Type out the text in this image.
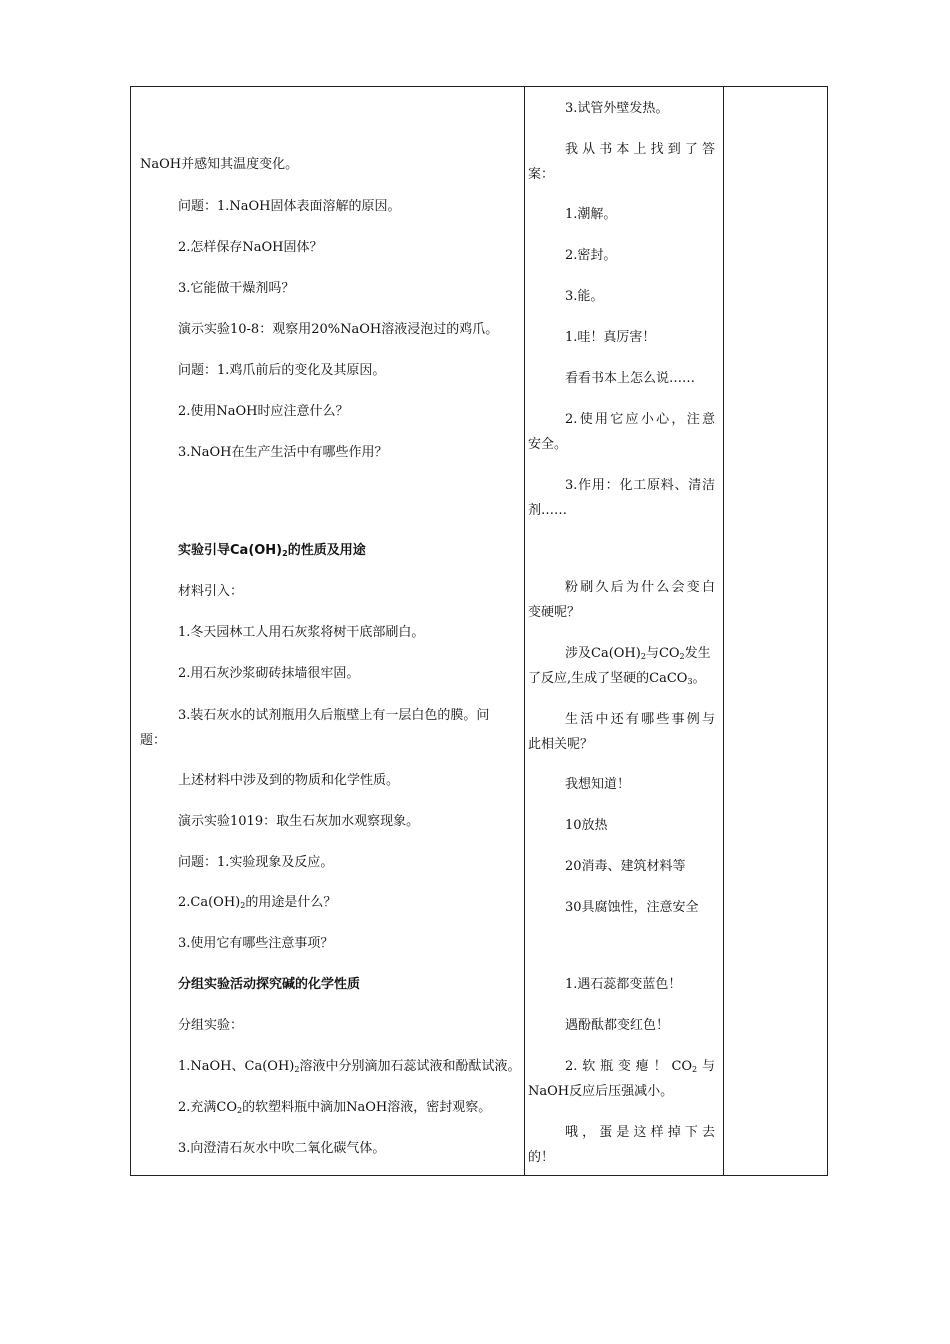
NaOH并感知其温度变化。
问题：1.NaOH固体表面溶解的原因。
2.怎样保存NaOH固体？
3.它能做干燥剂吗？
演示实验10-8：观察用20%NaOH溶液浸泡过的鸡爪。
问题：1.鸡爪前后的变化及其原因。
2.使用NaOH时应注意什么？
3.NaOH在生产生活中有哪些作用？
实验引导$Ca(OH)_2$的性质及用途
材料引入：
1.冬天园林工人用石灰浆将树干底部刷白。
2.用石灰沙浆砌砖抹墙很牢固。
3.装石灰水的试剂瓶用久后瓶壁上有一层白色的膜。问
题：
上述材料中涉及到的物质和化学性质。
演示实验1019：取生石灰加水观察现象。
问题：1.实验现象及反应。
$2.Ca(OH)_2$的用途是什么？
3.使用它有哪些注意事项？
分组实验活动探究碱的化学性质
分组实验：
1.NaOH、$Ca(OH)_2$溶液中分别滴加石蕊试液和酚酞试液。
2.充满$CO_2$的软塑料瓶中滴加NaOH溶液，密封观察。
3.向澄清石灰水中吹二氧化碳气体。
3.试管外壁发热。
我从书本上找到了答
案：
1.潮解。
2.密封。
3.能。
1.哇！真厉害！
看看书本上怎么说……
2.使用它应小心，注意
安全。
3.作用：化工原料、清洁
剂……
粉刷久后为什么会变白
变硬呢？
涉及$Ca(OH)_2$与$CO_2$发生
了反应,生成了坚硬的CaCO$_3$。
生活中还有哪些事例与
此相关呢？
我想知道！
10放热
20消毒、建筑材料等
30具腐蚀性，注意安全
1.遇石蕊都变蓝色！
遇酚酞都变红色！
2.软瓶变瘪！$CO_2$与
NaOH反应后压强减小。
哦，蛋是这样掉下去
的！
